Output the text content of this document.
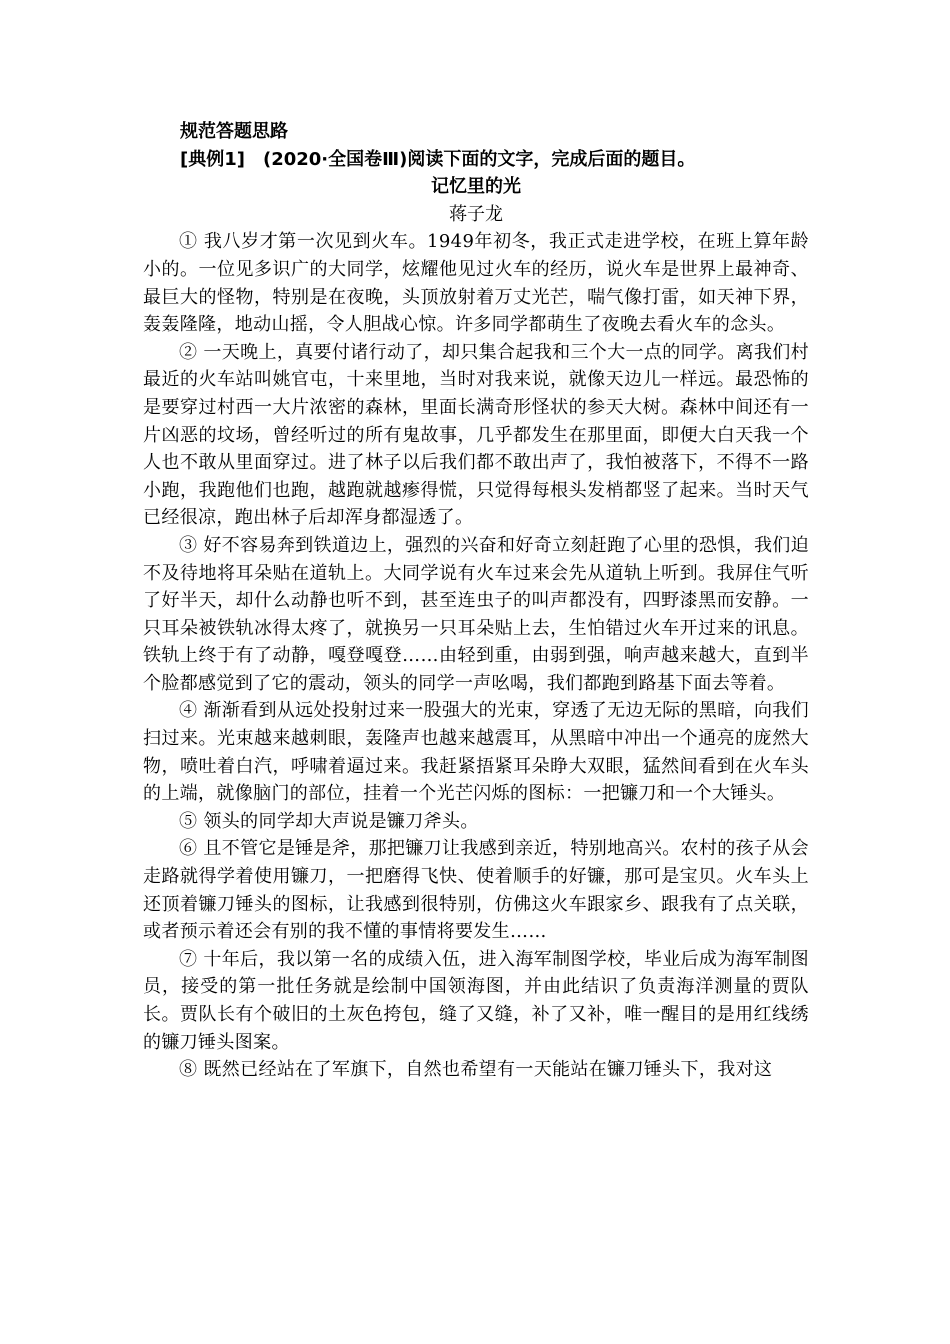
规范答题思路

[典例1] (2020·全国卷Ⅲ)阅读下面的文字，完成后面的题目。

记忆里的光

蒋子龙

① 我八岁才第一次见到火车。1949年初冬，我正式走进学校，在班上算年龄小的。一位见多识广的大同学，炫耀他见过火车的经历，说火车是世界上最神奇、最巨大的怪物，特别是在夜晚，头顶放射着万丈光芒，喘气像打雷，如天神下界，轰轰隆隆，地动山摇，令人胆战心惊。许多同学都萌生了夜晚去看火车的念头。

② 一天晚上，真要付诸行动了，却只集合起我和三个大一点的同学。离我们村最近的火车站叫姚官屯，十来里地，当时对我来说，就像天边儿一样远。最恐怖的是要穿过村西一大片浓密的森林，里面长满奇形怪状的参天大树。森林中间还有一片凶恶的坟场，曾经听过的所有鬼故事，几乎都发生在那里面，即便大白天我一个人也不敢从里面穿过。进了林子以后我们都不敢出声了，我怕被落下，不得不一路小跑，我跑他们也跑，越跑就越瘆得慌，只觉得每根头发梢都竖了起来。当时天气已经很凉，跑出林子后却浑身都湿透了。

③ 好不容易奔到铁道边上，强烈的兴奋和好奇立刻赶跑了心里的恐惧，我们迫不及待地将耳朵贴在道轨上。大同学说有火车过来会先从道轨上听到。我屏住气听了好半天，却什么动静也听不到，甚至连虫子的叫声都没有，四野漆黑而安静。一只耳朵被铁轨冰得太疼了，就换另一只耳朵贴上去，生怕错过火车开过来的讯息。铁轨上终于有了动静，嘎登嘎登……由轻到重，由弱到强，响声越来越大，直到半个脸都感觉到了它的震动，领头的同学一声吆喝，我们都跑到路基下面去等着。

④ 渐渐看到从远处投射过来一股强大的光束，穿透了无边无际的黑暗，向我们扫过来。光束越来越刺眼，轰隆声也越来越震耳，从黑暗中冲出一个通亮的庞然大物，喷吐着白汽，呼啸着逼过来。我赶紧捂紧耳朵睁大双眼，猛然间看到在火车头的上端，就像脑门的部位，挂着一个光芒闪烁的图标：一把镰刀和一个大锤头。

⑤ 领头的同学却大声说是镰刀斧头。

⑥ 且不管它是锤是斧，那把镰刀让我感到亲近，特别地高兴。农村的孩子从会走路就得学着使用镰刀，一把磨得飞快、使着顺手的好镰，那可是宝贝。火车头上还顶着镰刀锤头的图标，让我感到很特别，仿佛这火车跟家乡、跟我有了点关联，或者预示着还会有别的我不懂的事情将要发生……

⑦ 十年后，我以第一名的成绩入伍，进入海军制图学校，毕业后成为海军制图员，接受的第一批任务就是绘制中国领海图，并由此结识了负责海洋测量的贾队长。贾队长有个破旧的土灰色挎包，缝了又缝，补了又补，唯一醒目的是用红线绣的镰刀锤头图案。

⑧ 既然已经站在了军旗下，自然也希望有一天能站在镰刀锤头下，我对这
